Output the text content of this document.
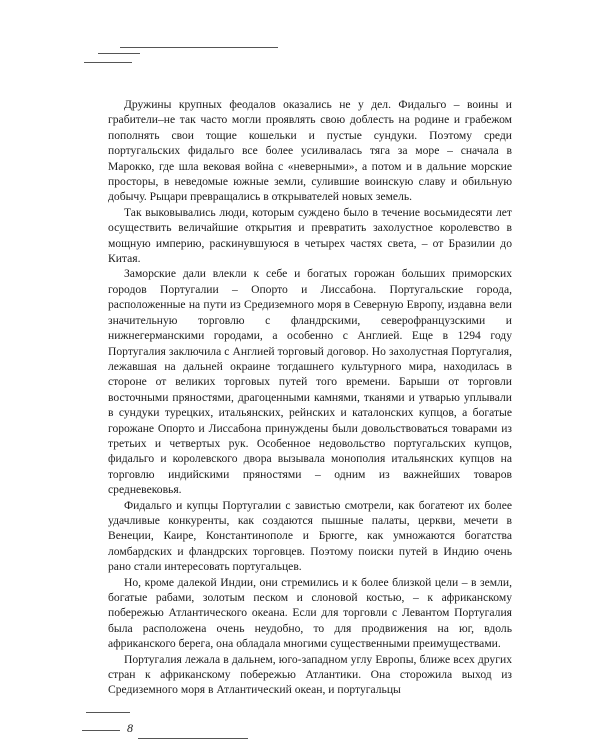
Дружины крупных феодалов оказались не у дел. Фидальго – воины и грабители–не так часто могли проявлять свою доблесть на родине и грабежом пополнять свои тощие кошельки и пустые сундуки. Поэтому среди португальских фидальго все более усиливалась тяга за море – сначала в Марокко, где шла вековая война с «неверными», а потом и в дальние морские просторы, в неведомые южные земли, сулившие воинскую славу и обильную добычу. Рыцари превращались в открывателей новых земель.

Так выковывались люди, которым суждено было в течение восьмидесяти лет осуществить величайшие открытия и превратить захолустное королевство в мощную империю, раскинувшуюся в четырех частях света, – от Бразилии до Китая.

Заморские дали влекли к себе и богатых горожан больших приморских городов Португалии – Опорто и Лиссабона. Португальские города, расположенные на пути из Средиземного моря в Северную Европу, издавна вели значительную торговлю с фландрскими, северофранцузскими и нижнегерманскими городами, а особенно с Англией. Еще в 1294 году Португалия заключила с Англией торговый договор. Но захолустная Португалия, лежавшая на дальней окраине тогдашнего культурного мира, находилась в стороне от великих торговых путей того времени. Барыши от торговли восточными пряностями, драгоценными камнями, тканями и утварью уплывали в сундуки турецких, итальянских, рейнских и каталонских купцов, а богатые горожане Опорто и Лиссабона принуждены были довольствоваться товарами из третьих и четвертых рук. Особенное недовольство португальских купцов, фидальго и королевского двора вызывала монополия итальянских купцов на торговлю индийскими пряностями – одним из важнейших товаров средневековья.

Фидальго и купцы Португалии с завистью смотрели, как богатеют их более удачливые конкуренты, как создаются пышные палаты, церкви, мечети в Венеции, Каире, Константинополе и Брюгге, как умножаются богатства ломбардских и фландрских торговцев. Поэтому поиски путей в Индию очень рано стали интересовать португальцев.

Но, кроме далекой Индии, они стремились и к более близкой цели – в земли, богатые рабами, золотым песком и слоновой костью, – к африканскому побережью Атлантического океана. Если для торговли с Левантом Португалия была расположена очень неудобно, то для продвижения на юг, вдоль африканского берега, она обладала многими существенными преимуществами.

Португалия лежала в дальнем, юго-западном углу Европы, ближе всех других стран к африканскому побережью Атлантики. Она сторожила выход из Средиземного моря в Атлантический океан, и португальцы

8
